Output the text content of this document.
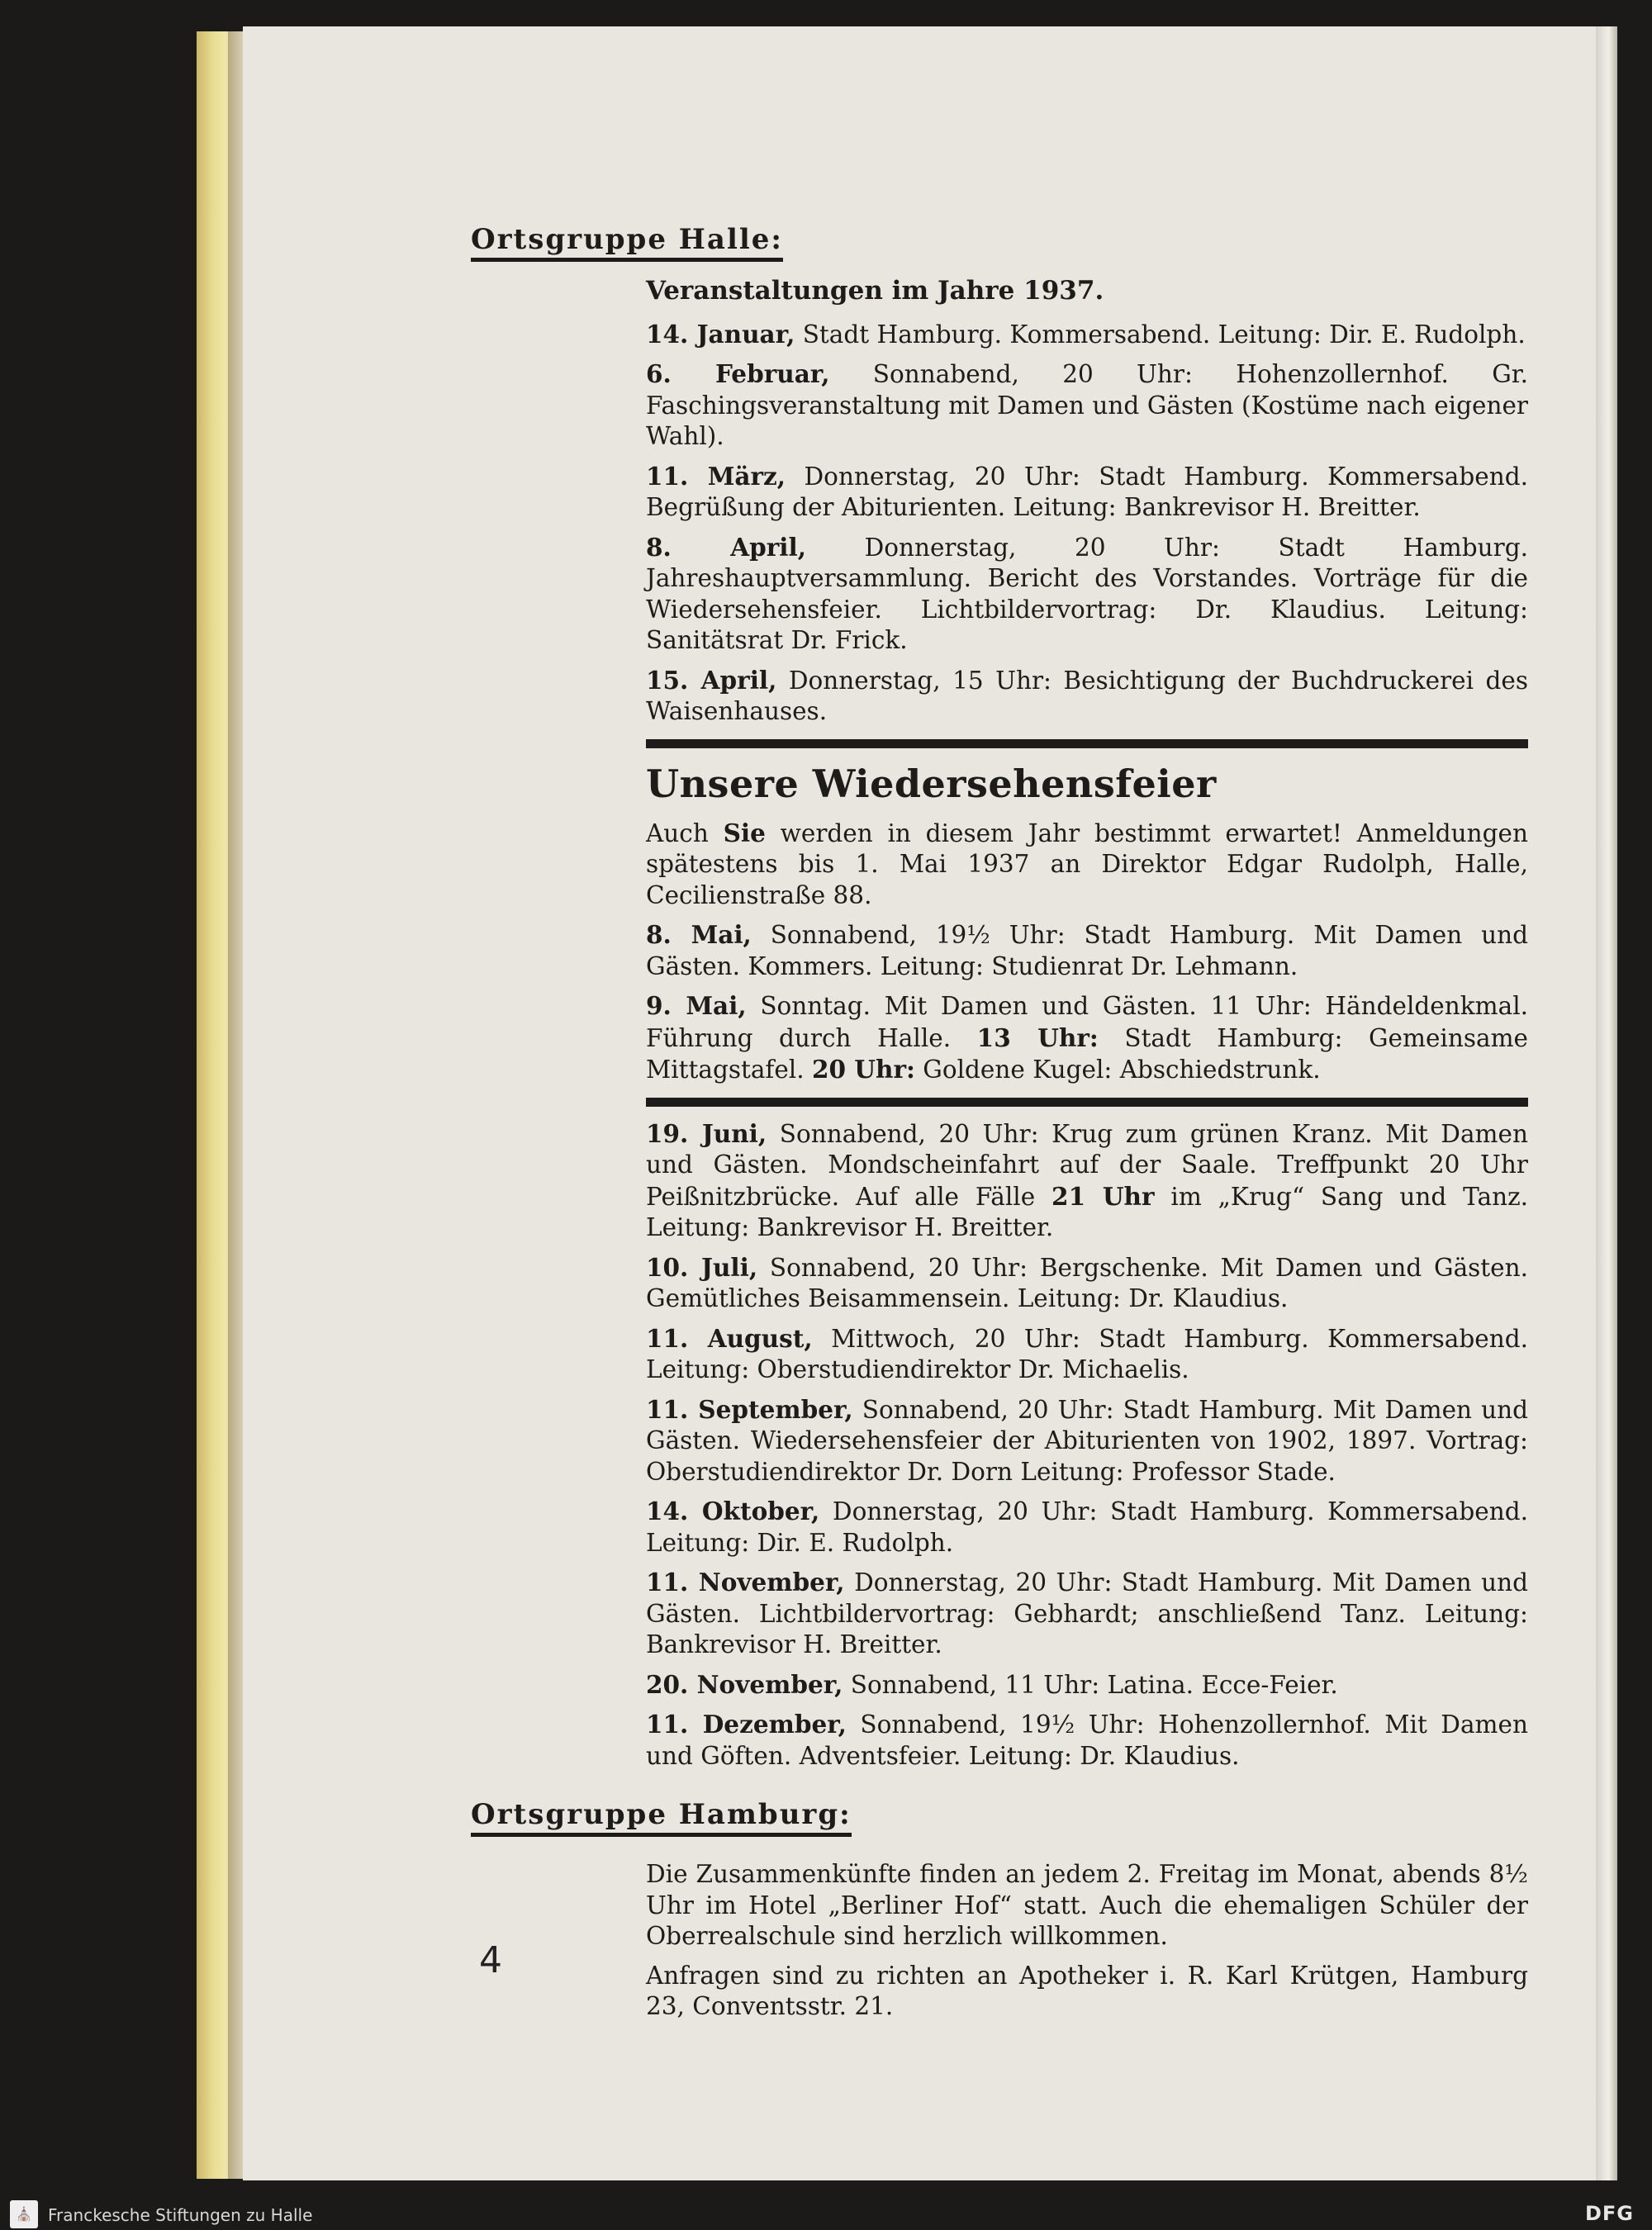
Ortsgruppe Halle:
Veranstaltungen im Jahre 1937.
14. Januar, Stadt Hamburg. Kommersabend. Leitung: Dir. E. Rudolph.
6. Februar, Sonnabend, 20 Uhr: Hohenzollernhof. Gr. Faschingsveranstaltung mit Damen und Gästen (Kostüme nach eigener Wahl).
11. März, Donnerstag, 20 Uhr: Stadt Hamburg. Kommersabend. Begrüßung der Abiturienten. Leitung: Bankrevisor H. Breitter.
8. April, Donnerstag, 20 Uhr: Stadt Hamburg. Jahreshauptversammlung. Bericht des Vorstandes. Vorträge für die Wiedersehensfeier. Lichtbildervortrag: Dr. Klaudius. Leitung: Sanitätsrat Dr. Frick.
15. April, Donnerstag, 15 Uhr: Besichtigung der Buchdruckerei des Waisenhauses.
Unsere Wiedersehensfeier
Auch Sie werden in diesem Jahr bestimmt erwartet! Anmeldungen spätestens bis 1. Mai 1937 an Direktor Edgar Rudolph, Halle, Cecilienstraße 88.
8. Mai, Sonnabend, 19½ Uhr: Stadt Hamburg. Mit Damen und Gästen. Kommers. Leitung: Studienrat Dr. Lehmann.
9. Mai, Sonntag. Mit Damen und Gästen. 11 Uhr: Händeldenkmal. Führung durch Halle. 13 Uhr: Stadt Hamburg: Gemeinsame Mittagstafel. 20 Uhr: Goldene Kugel: Abschiedstrunk.
19. Juni, Sonnabend, 20 Uhr: Krug zum grünen Kranz. Mit Damen und Gästen. Mondscheinfahrt auf der Saale. Treffpunkt 20 Uhr Peißnitzbrücke. Auf alle Fälle 21 Uhr im „Krug“ Sang und Tanz. Leitung: Bankrevisor H. Breitter.
10. Juli, Sonnabend, 20 Uhr: Bergschenke. Mit Damen und Gästen. Gemütliches Beisammensein. Leitung: Dr. Klaudius.
11. August, Mittwoch, 20 Uhr: Stadt Hamburg. Kommersabend. Leitung: Oberstudiendirektor Dr. Michaelis.
11. September, Sonnabend, 20 Uhr: Stadt Hamburg. Mit Damen und Gästen. Wiedersehensfeier der Abiturienten von 1902, 1897. Vortrag: Oberstudiendirektor Dr. Dorn Leitung: Professor Stade.
14. Oktober, Donnerstag, 20 Uhr: Stadt Hamburg. Kommersabend. Leitung: Dir. E. Rudolph.
11. November, Donnerstag, 20 Uhr: Stadt Hamburg. Mit Damen und Gästen. Lichtbildervortrag: Gebhardt; anschließend Tanz. Leitung: Bankrevisor H. Breitter.
20. November, Sonnabend, 11 Uhr: Latina. Ecce-Feier.
11. Dezember, Sonnabend, 19½ Uhr: Hohenzollernhof. Mit Damen und Göften. Adventsfeier. Leitung: Dr. Klaudius.
Ortsgruppe Hamburg:
Die Zusammenkünfte finden an jedem 2. Freitag im Monat, abends 8½ Uhr im Hotel „Berliner Hof“ statt. Auch die ehemaligen Schüler der Oberrealschule sind herzlich willkommen.
Anfragen sind zu richten an Apotheker i. R. Karl Krütgen, Hamburg 23, Conventsstr. 21.
4
⛪ Franckesche Stiftungen zu Halle	DFG
